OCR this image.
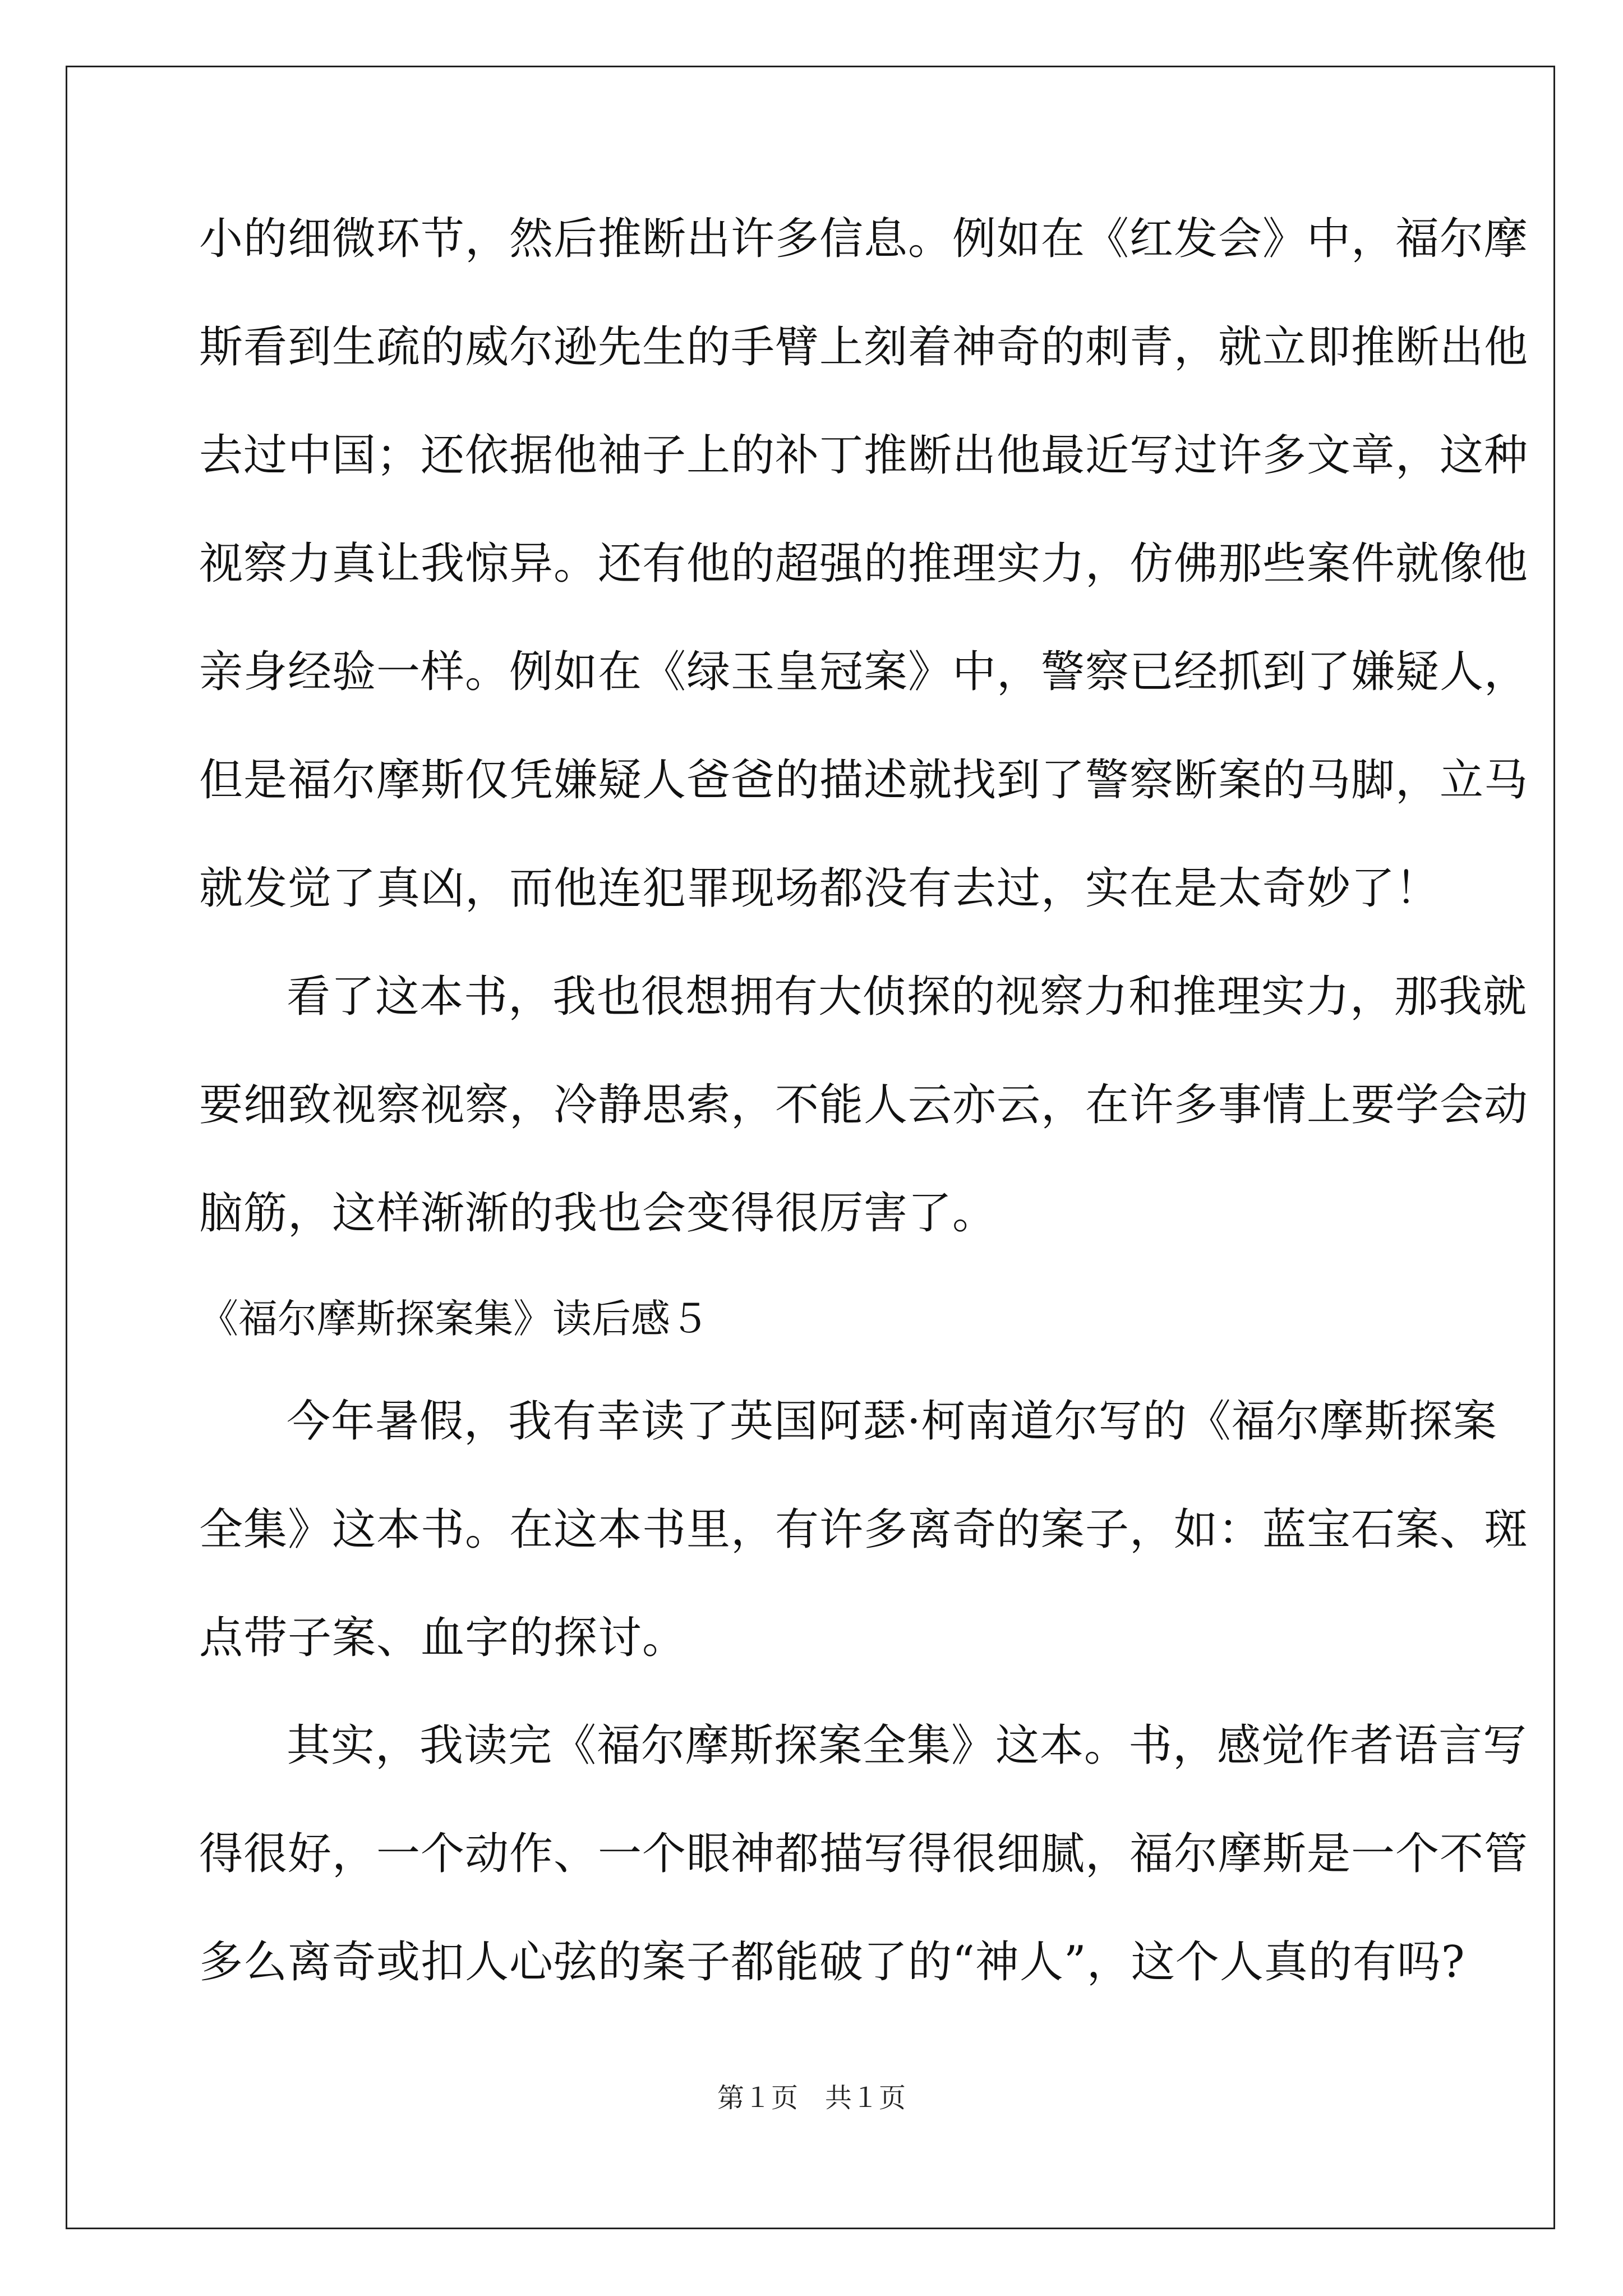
小的细微环节，然后推断出许多信息。例如在《红发会》中，福尔摩
斯看到生疏的威尔逊先生的手臂上刻着神奇的刺青，就立即推断出他
去过中国；还依据他袖子上的补丁推断出他最近写过许多文章，这种
视察力真让我惊异。还有他的超强的推理实力，仿佛那些案件就像他
亲身经验一样。例如在《绿玉皇冠案》中，警察已经抓到了嫌疑人，
但是福尔摩斯仅凭嫌疑人爸爸的描述就找到了警察断案的马脚，立马
就发觉了真凶，而他连犯罪现场都没有去过，实在是太奇妙了！
看了这本书，我也很想拥有大侦探的视察力和推理实力，那我就
要细致视察视察，冷静思索，不能人云亦云，在许多事情上要学会动
脑筋，这样渐渐的我也会变得很厉害了。
《福尔摩斯探案集》读后感５
今年暑假，我有幸读了英国阿瑟·柯南道尔写的《福尔摩斯探案
全集》这本书。在这本书里，有许多离奇的案子，如：蓝宝石案、斑
点带子案、血字的探讨。
其实，我读完《福尔摩斯探案全集》这本。书，感觉作者语言写
得很好，一个动作、一个眼神都描写得很细腻，福尔摩斯是一个不管
多么离奇或扣人心弦的案子都能破了的“神人”，这个人真的有吗?
第１页　共１页
